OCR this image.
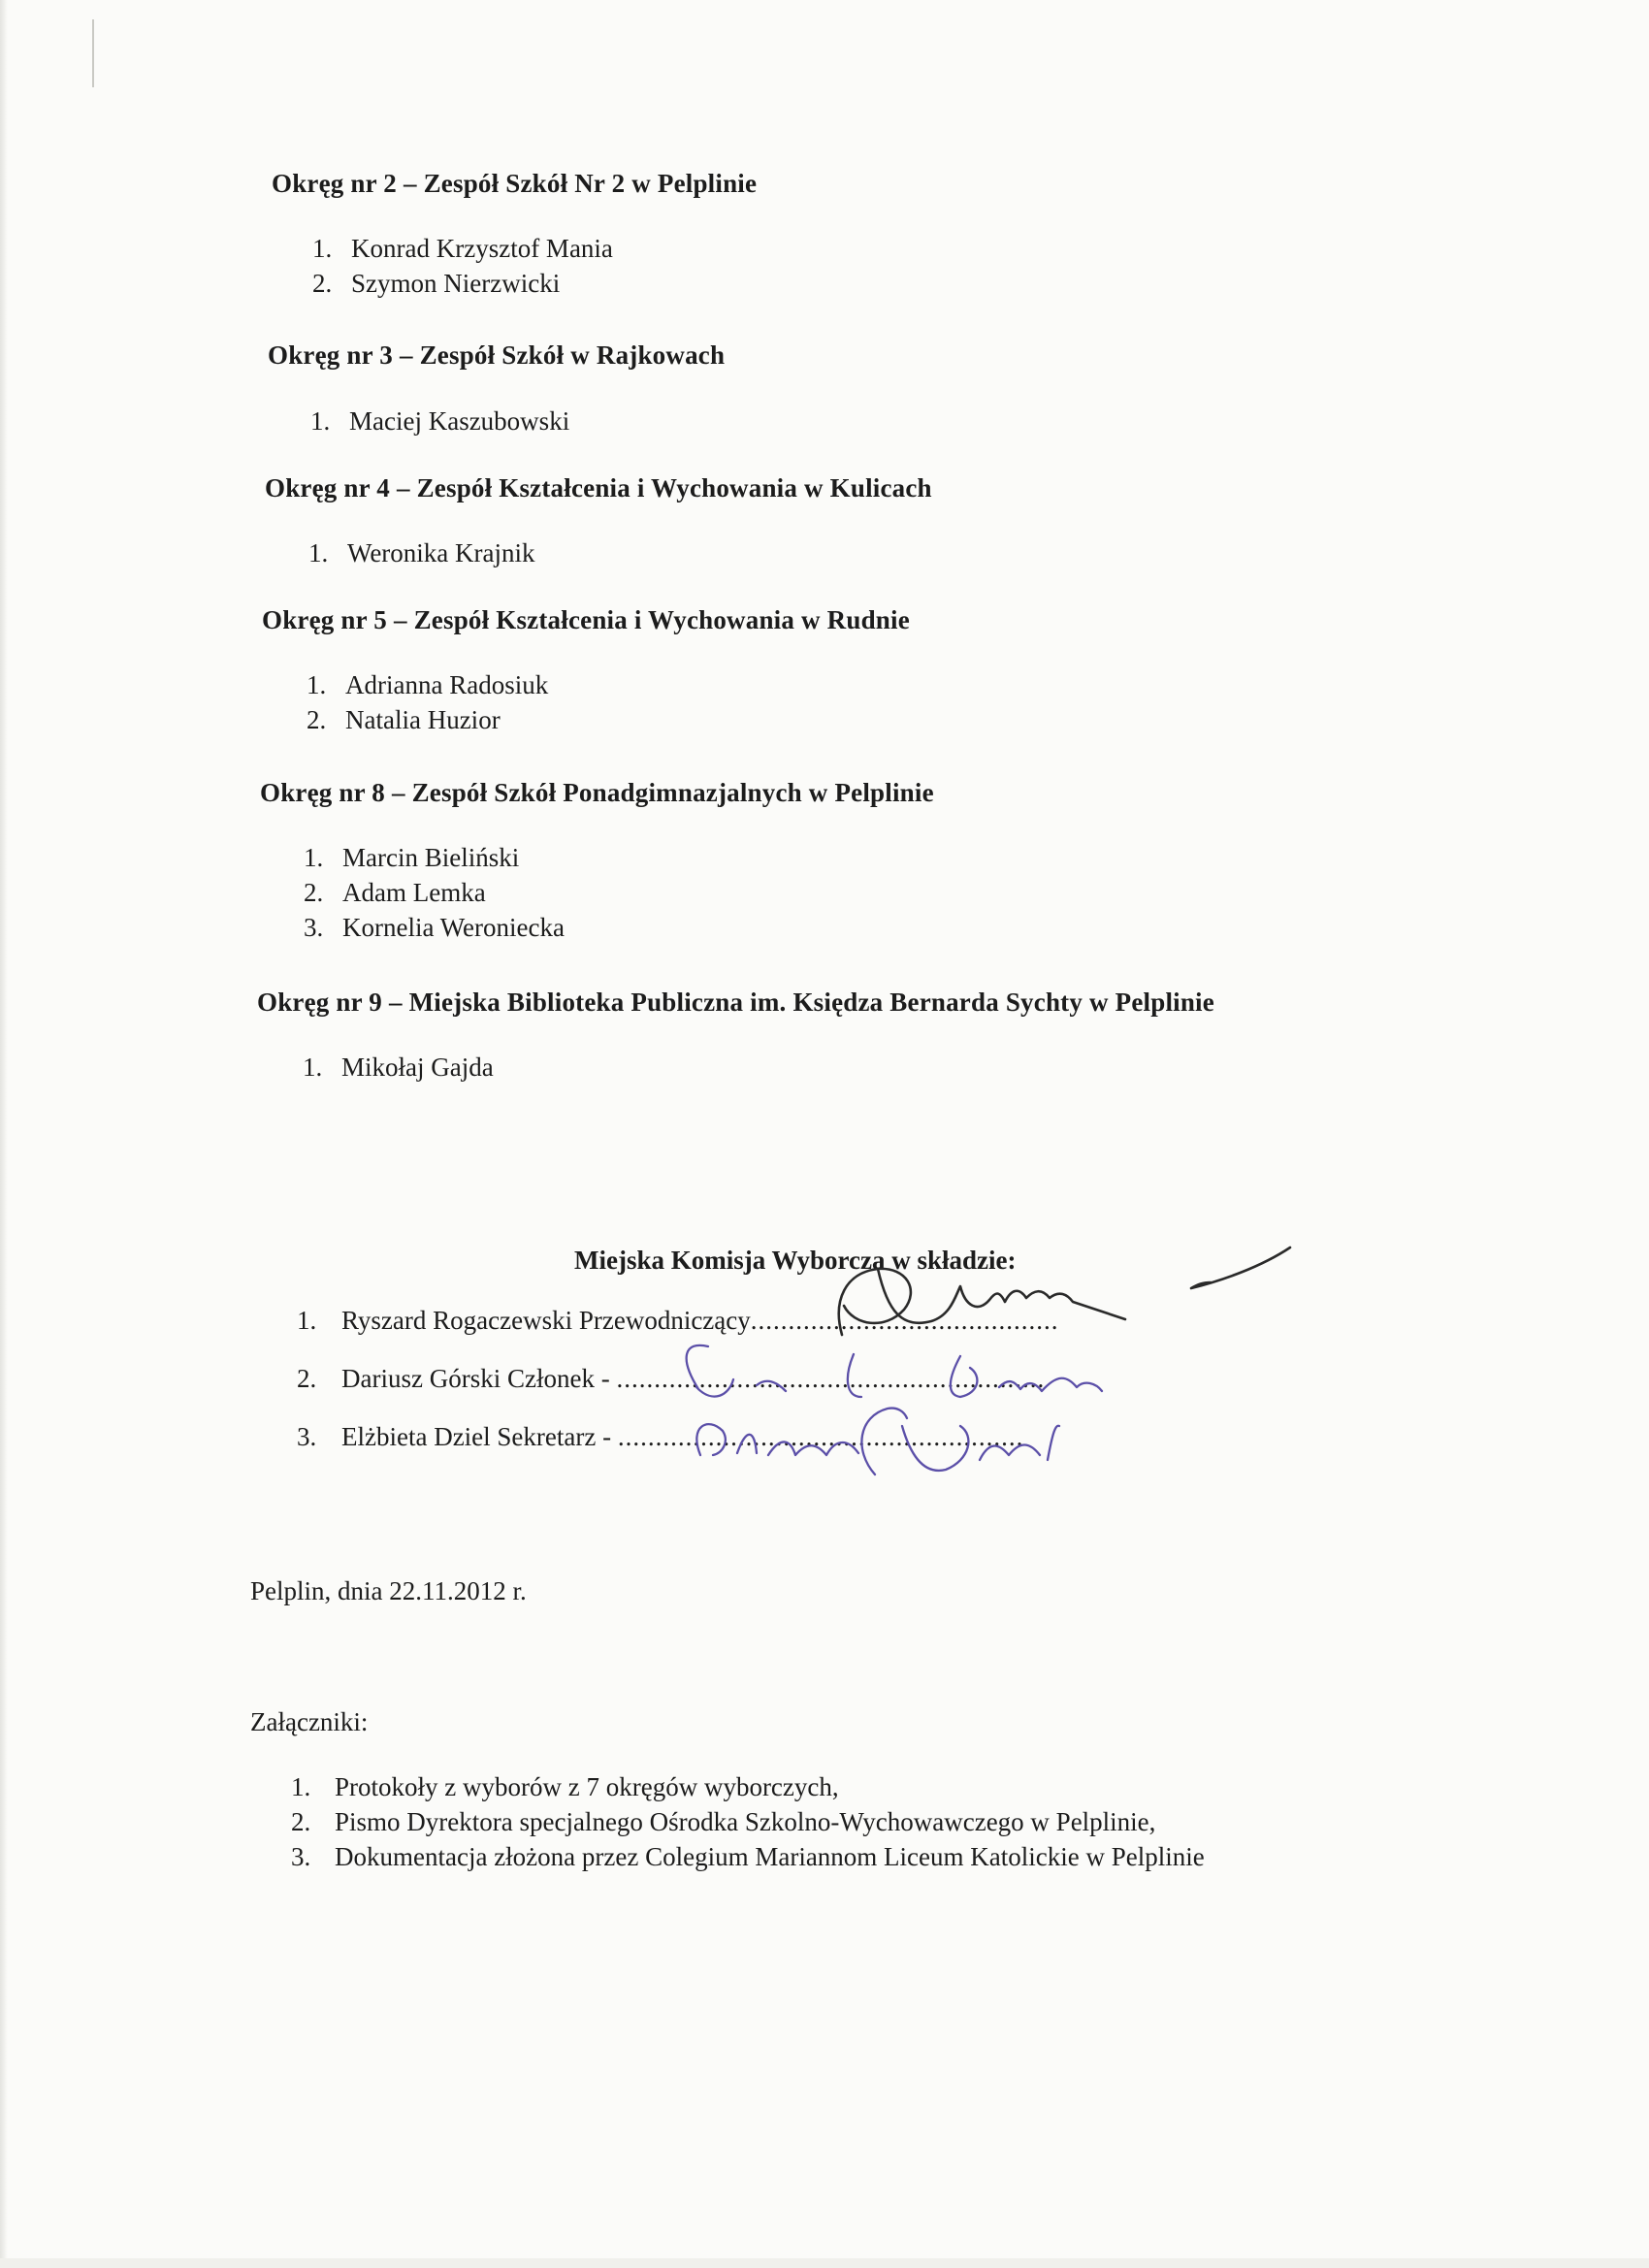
Okręg nr 2 – Zespół Szkół Nr 2 w Pelplinie
1. Konrad Krzysztof Mania
2. Szymon Nierzwicki
Okręg nr 3 – Zespół Szkół w Rajkowach
1. Maciej Kaszubowski
Okręg nr 4 – Zespół Kształcenia i Wychowania w Kulicach
1. Weronika Krajnik
Okręg nr 5 – Zespół Kształcenia i Wychowania w Rudnie
1. Adrianna Radosiuk
2. Natalia Huzior
Okręg nr 8 – Zespół Szkół Ponadgimnazjalnych w Pelplinie
1. Marcin Bieliński
2. Adam Lemka
3. Kornelia Weroniecka
Okręg nr 9 – Miejska Biblioteka Publiczna im. Księdza Bernarda Sychty w Pelplinie
1. Mikołaj Gajda
Miejska Komisja Wyborcza w składzie:
1. Ryszard Rogaczewski Przewodniczący.........................................
2. Dariusz Górski Członek - .........................................................
3. Elżbieta Dziel Sekretarz - ......................................................
Pelplin, dnia 22.11.2012 r.
Załączniki:
1. Protokoły z wyborów z 7 okręgów wyborczych,
2. Pismo Dyrektora specjalnego Ośrodka Szkolno-Wychowawczego w Pelplinie,
3. Dokumentacja złożona przez Colegium Mariannom Liceum Katolickie w Pelplinie
